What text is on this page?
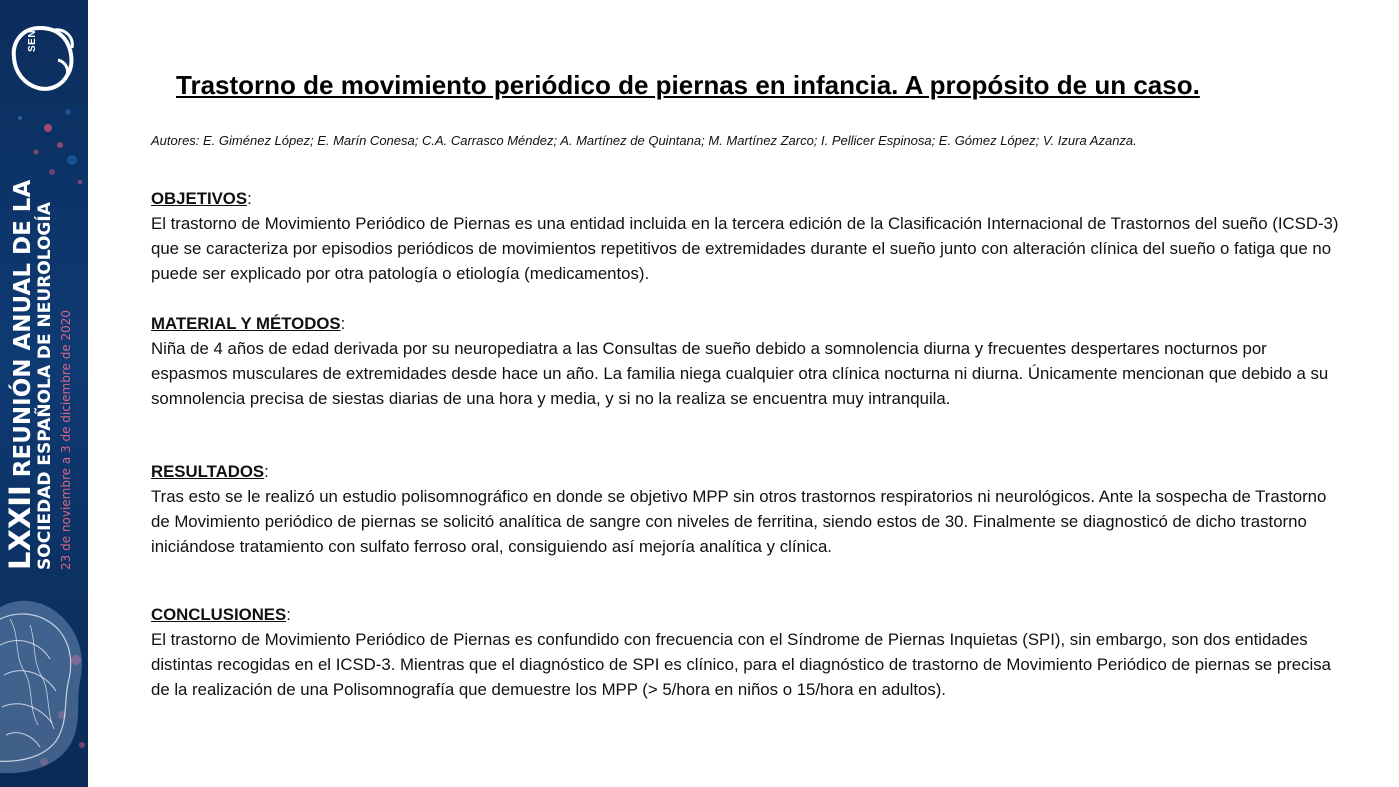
SEN
LXXII REUNIÓN ANUAL DE LA SOCIEDAD ESPAÑOLA DE NEUROLOGÍA 23 de noviembre a 3 de diciembre de 2020
Trastorno de movimiento periódico de piernas en infancia. A propósito de un caso.
Autores: E. Giménez López; E. Marín Conesa; C.A. Carrasco Méndez; A. Martínez de Quintana; M. Martínez Zarco; I. Pellicer Espinosa; E. Gómez López; V. Izura Azanza.

OBJETIVOS:

El trastorno de Movimiento Periódico de Piernas es una entidad incluida en la tercera edición de la Clasificación Internacional de Trastornos del sueño (ICSD-3) que se caracteriza por episodios periódicos de movimientos repetitivos de extremidades durante el sueño junto con alteración clínica del sueño o fatiga que no puede ser explicado por otra patología o etiología (medicamentos).

MATERIAL Y MÉTODOS:

Niña de 4 años de edad derivada por su neuropediatra a las Consultas de sueño debido a somnolencia diurna y frecuentes despertares nocturnos por espasmos musculares de extremidades desde hace un año. La familia niega cualquier otra clínica nocturna ni diurna. Únicamente mencionan que debido a su somnolencia precisa de siestas diarias de una hora y media, y si no la realiza se encuentra muy intranquila.

RESULTADOS:

Tras esto se le realizó un estudio polisomnográfico en donde se objetivo MPP sin otros trastornos respiratorios ni neurológicos. Ante la sospecha de Trastorno de Movimiento periódico de piernas se solicitó analítica de sangre con niveles de ferritina, siendo estos de 30. Finalmente se diagnosticó de dicho trastorno iniciándose tratamiento con sulfato ferroso oral, consiguiendo así mejoría analítica y clínica.

CONCLUSIONES:

El trastorno de Movimiento Periódico de Piernas es confundido con frecuencia con el Síndrome de Piernas Inquietas (SPI), sin embargo, son dos entidades distintas recogidas en el ICSD-3. Mientras que el diagnóstico de SPI es clínico, para el diagnóstico de trastorno de Movimiento Periódico de piernas se precisa de la realización de una Polisomnografía que demuestre los MPP (> 5/hora en niños o 15/hora en adultos).
